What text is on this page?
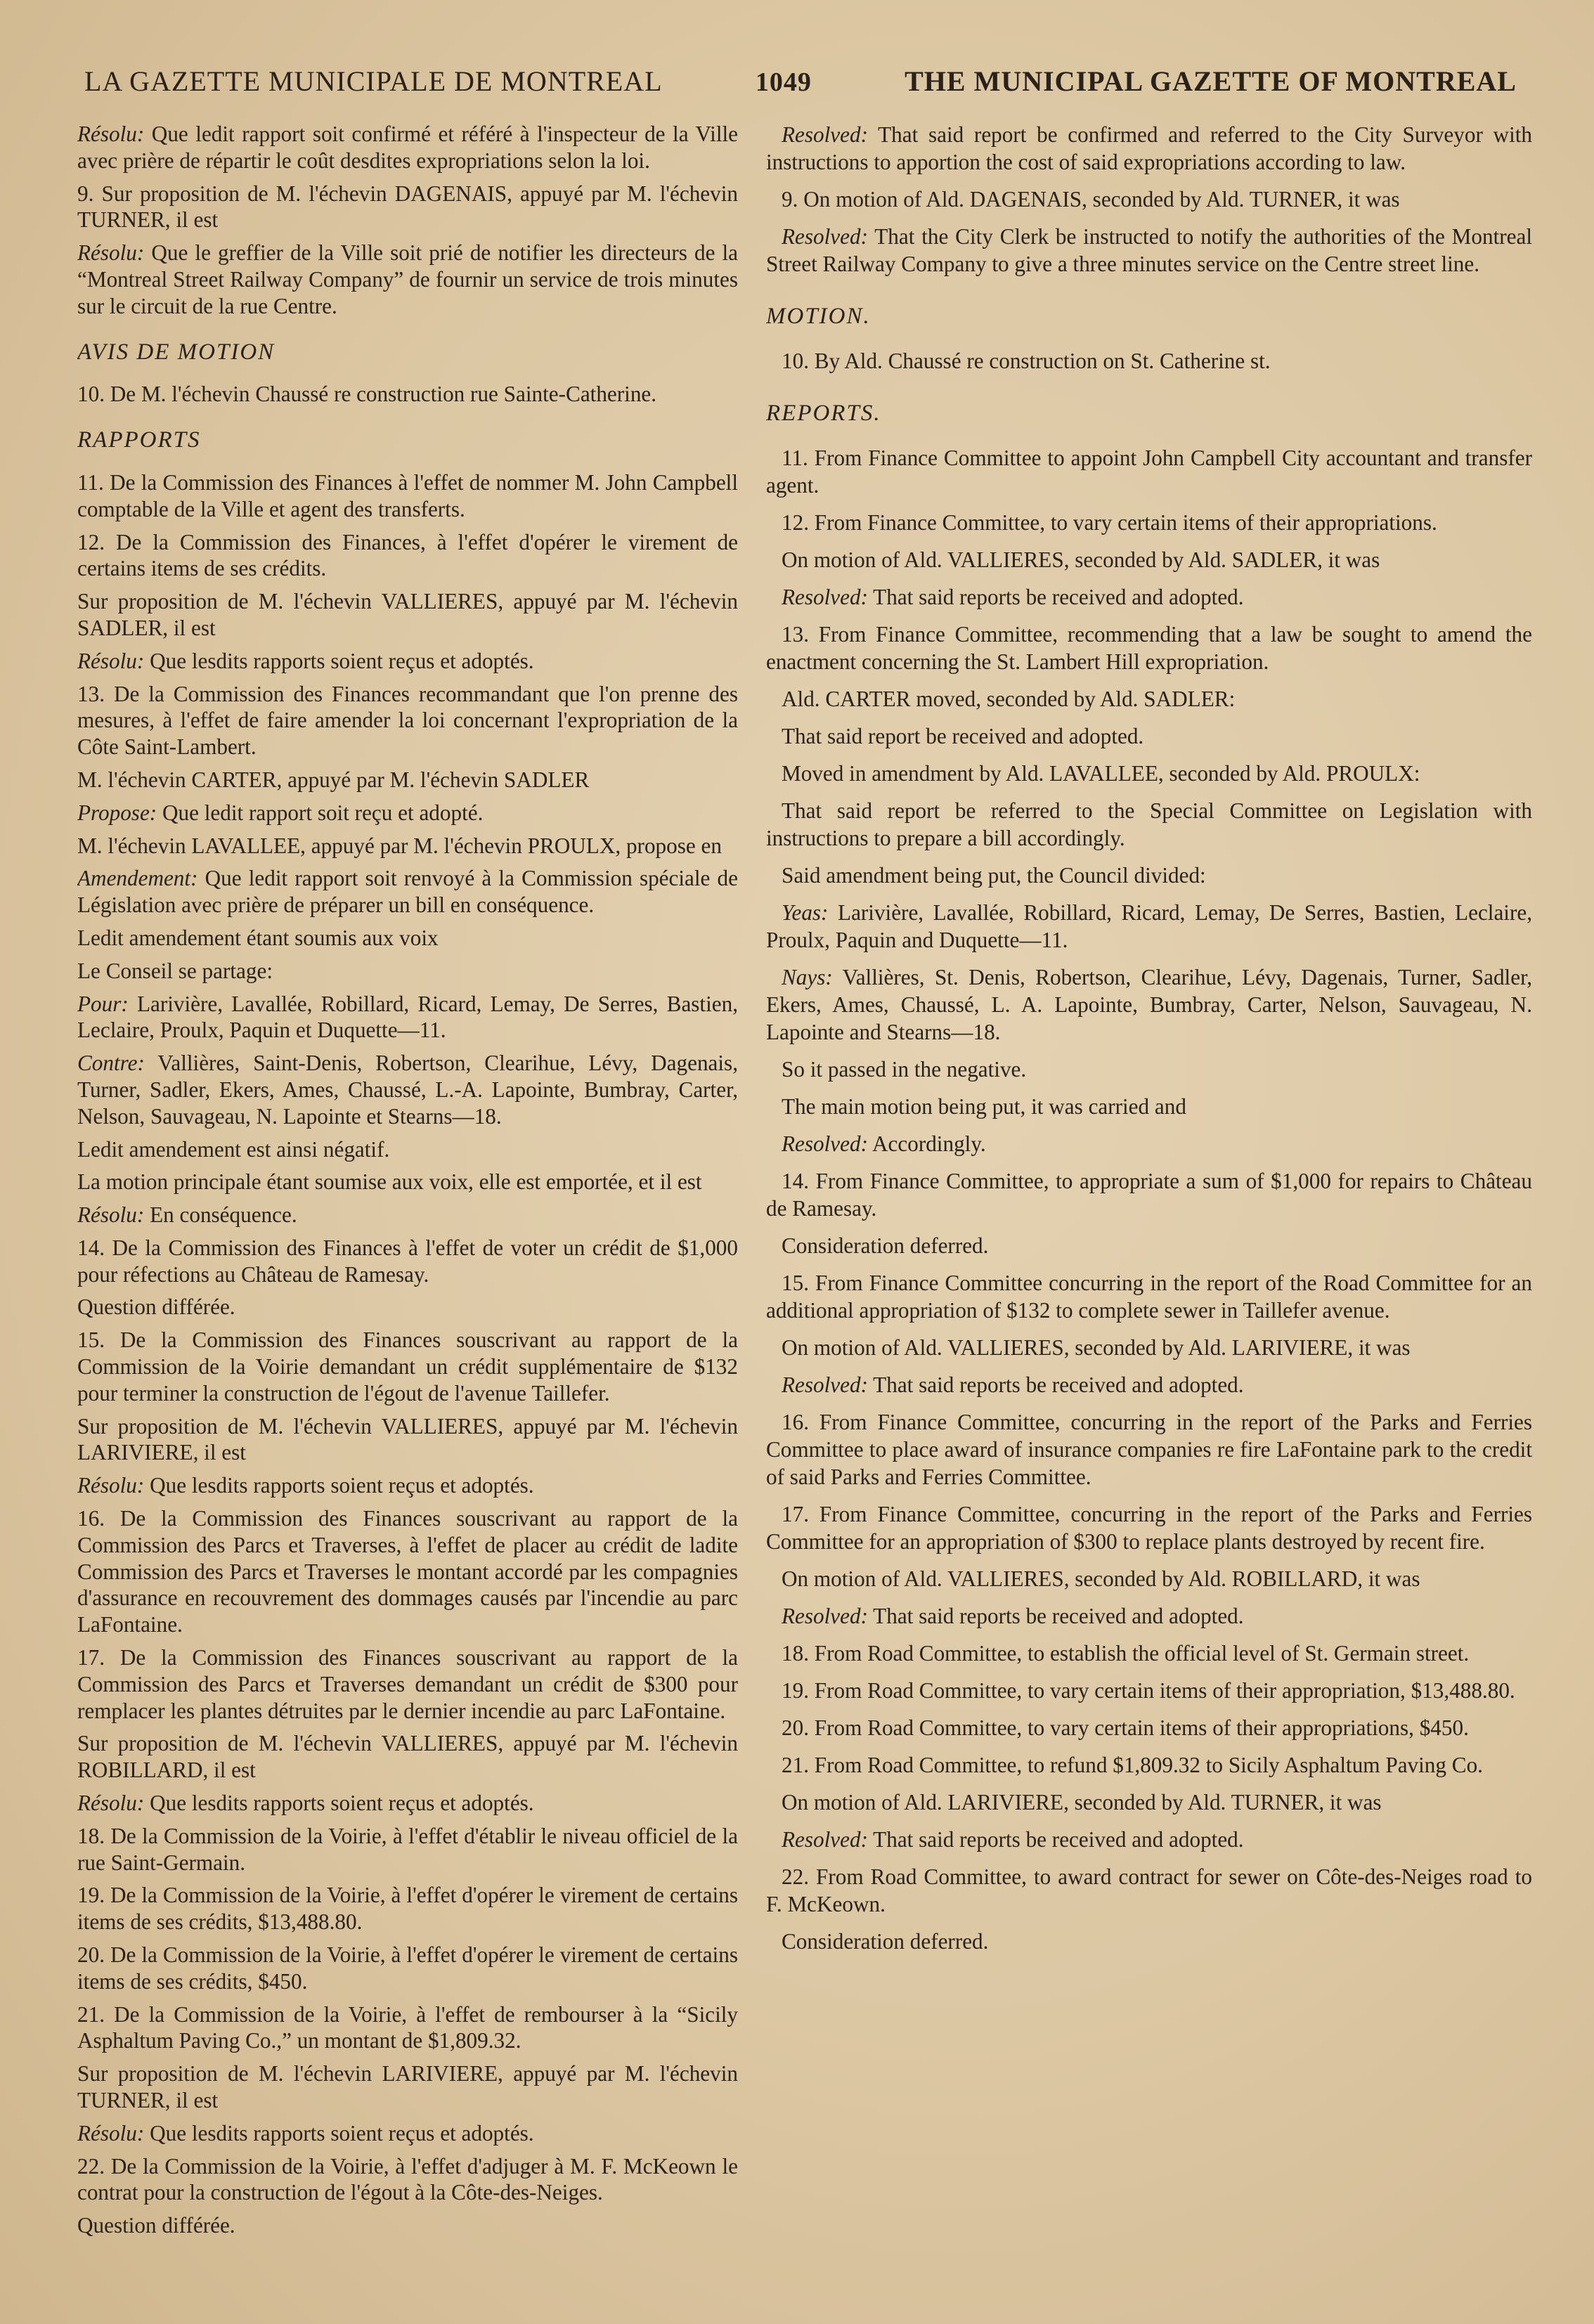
LA GAZETTE MUNICIPALE DE MONTREAL	1049	THE MUNICIPAL GAZETTE OF MONTREAL

Résolu: Que ledit rapport soit confirmé et référé à l'inspecteur de la Ville avec prière de répartir le coût desdites expropriations selon la loi.

9. Sur proposition de M. l'échevin DAGENAIS, appuyé par M. l'échevin TURNER, il est

Résolu: Que le greffier de la Ville soit prié de notifier les directeurs de la “Montreal Street Railway Company” de fournir un service de trois minutes sur le circuit de la rue Centre.

AVIS DE MOTION

10. De M. l'échevin Chaussé re construction rue Sainte-Catherine.

RAPPORTS

11. De la Commission des Finances à l'effet de nommer M. John Campbell comptable de la Ville et agent des transferts.

12. De la Commission des Finances, à l'effet d'opérer le virement de certains items de ses crédits.

Sur proposition de M. l'échevin VALLIERES, appuyé par M. l'échevin SADLER, il est

Résolu: Que lesdits rapports soient reçus et adoptés.

13. De la Commission des Finances recommandant que l'on prenne des mesures, à l'effet de faire amender la loi concernant l'expropriation de la Côte Saint-Lambert.

M. l'échevin CARTER, appuyé par M. l'échevin SADLER

Propose: Que ledit rapport soit reçu et adopté.

M. l'échevin LAVALLEE, appuyé par M. l'échevin PROULX, propose en

Amendement: Que ledit rapport soit renvoyé à la Commission spéciale de Législation avec prière de préparer un bill en conséquence.

Ledit amendement étant soumis aux voix

Le Conseil se partage:

Pour: Larivière, Lavallée, Robillard, Ricard, Lemay, De Serres, Bastien, Leclaire, Proulx, Paquin et Duquette—11.

Contre: Vallières, Saint-Denis, Robertson, Clearihue, Lévy, Dagenais, Turner, Sadler, Ekers, Ames, Chaussé, L.-A. Lapointe, Bumbray, Carter, Nelson, Sauvageau, N. Lapointe et Stearns—18.

Ledit amendement est ainsi négatif.

La motion principale étant soumise aux voix, elle est emportée, et il est

Résolu: En conséquence.

14. De la Commission des Finances à l'effet de voter un crédit de $1,000 pour réfections au Château de Ramesay.

Question différée.

15. De la Commission des Finances souscrivant au rapport de la Commission de la Voirie demandant un crédit supplémentaire de $132 pour terminer la construction de l'égout de l'avenue Taillefer.

Sur proposition de M. l'échevin VALLIERES, appuyé par M. l'échevin LARIVIERE, il est

Résolu: Que lesdits rapports soient reçus et adoptés.

16. De la Commission des Finances souscrivant au rapport de la Commission des Parcs et Traverses, à l'effet de placer au crédit de ladite Commission des Parcs et Traverses le montant accordé par les compagnies d'assurance en recouvrement des dommages causés par l'incendie au parc LaFontaine.

17. De la Commission des Finances souscrivant au rapport de la Commission des Parcs et Traverses demandant un crédit de $300 pour remplacer les plantes détruites par le dernier incendie au parc LaFontaine.

Sur proposition de M. l'échevin VALLIERES, appuyé par M. l'échevin ROBILLARD, il est

Résolu: Que lesdits rapports soient reçus et adoptés.

18. De la Commission de la Voirie, à l'effet d'établir le niveau officiel de la rue Saint-Germain.

19. De la Commission de la Voirie, à l'effet d'opérer le virement de certains items de ses crédits, $13,488.80.

20. De la Commission de la Voirie, à l'effet d'opérer le virement de certains items de ses crédits, $450.

21. De la Commission de la Voirie, à l'effet de rembourser à la “Sicily Asphaltum Paving Co.,” un montant de $1,809.32.

Sur proposition de M. l'échevin LARIVIERE, appuyé par M. l'échevin TURNER, il est

Résolu: Que lesdits rapports soient reçus et adoptés.

22. De la Commission de la Voirie, à l'effet d'adjuger à M. F. McKeown le contrat pour la construction de l'égout à la Côte-des-Neiges.

Question différée.

Resolved: That said report be confirmed and referred to the City Surveyor with instructions to apportion the cost of said expropriations according to law.

9. On motion of Ald. DAGENAIS, seconded by Ald. TURNER, it was

Resolved: That the City Clerk be instructed to notify the authorities of the Montreal Street Railway Company to give a three minutes service on the Centre street line.

MOTION.

10. By Ald. Chaussé re construction on St. Catherine st.

REPORTS.

11. From Finance Committee to appoint John Campbell City accountant and transfer agent.

12. From Finance Committee, to vary certain items of their appropriations.

On motion of Ald. VALLIERES, seconded by Ald. SADLER, it was

Resolved: That said reports be received and adopted.

13. From Finance Committee, recommending that a law be sought to amend the enactment concerning the St. Lambert Hill expropriation.

Ald. CARTER moved, seconded by Ald. SADLER:

That said report be received and adopted.

Moved in amendment by Ald. LAVALLEE, seconded by Ald. PROULX:

That said report be referred to the Special Committee on Legislation with instructions to prepare a bill accordingly.

Said amendment being put, the Council divided:

Yeas: Larivière, Lavallée, Robillard, Ricard, Lemay, De Serres, Bastien, Leclaire, Proulx, Paquin and Duquette—11.

Nays: Vallières, St. Denis, Robertson, Clearihue, Lévy, Dagenais, Turner, Sadler, Ekers, Ames, Chaussé, L. A. Lapointe, Bumbray, Carter, Nelson, Sauvageau, N. Lapointe and Stearns—18.

So it passed in the negative.

The main motion being put, it was carried and

Resolved: Accordingly.

14. From Finance Committee, to appropriate a sum of $1,000 for repairs to Château de Ramesay.

Consideration deferred.

15. From Finance Committee concurring in the report of the Road Committee for an additional appropriation of $132 to complete sewer in Taillefer avenue.

On motion of Ald. VALLIERES, seconded by Ald. LARIVIERE, it was

Resolved: That said reports be received and adopted.

16. From Finance Committee, concurring in the report of the Parks and Ferries Committee to place award of insurance companies re fire LaFontaine park to the credit of said Parks and Ferries Committee.

17. From Finance Committee, concurring in the report of the Parks and Ferries Committee for an appropriation of $300 to replace plants destroyed by recent fire.

On motion of Ald. VALLIERES, seconded by Ald. ROBILLARD, it was

Resolved: That said reports be received and adopted.

18. From Road Committee, to establish the official level of St. Germain street.

19. From Road Committee, to vary certain items of their appropriation, $13,488.80.

20. From Road Committee, to vary certain items of their appropriations, $450.

21. From Road Committee, to refund $1,809.32 to Sicily Asphaltum Paving Co.

On motion of Ald. LARIVIERE, seconded by Ald. TURNER, it was

Resolved: That said reports be received and adopted.

22. From Road Committee, to award contract for sewer on Côte-des-Neiges road to F. McKeown.

Consideration deferred.
